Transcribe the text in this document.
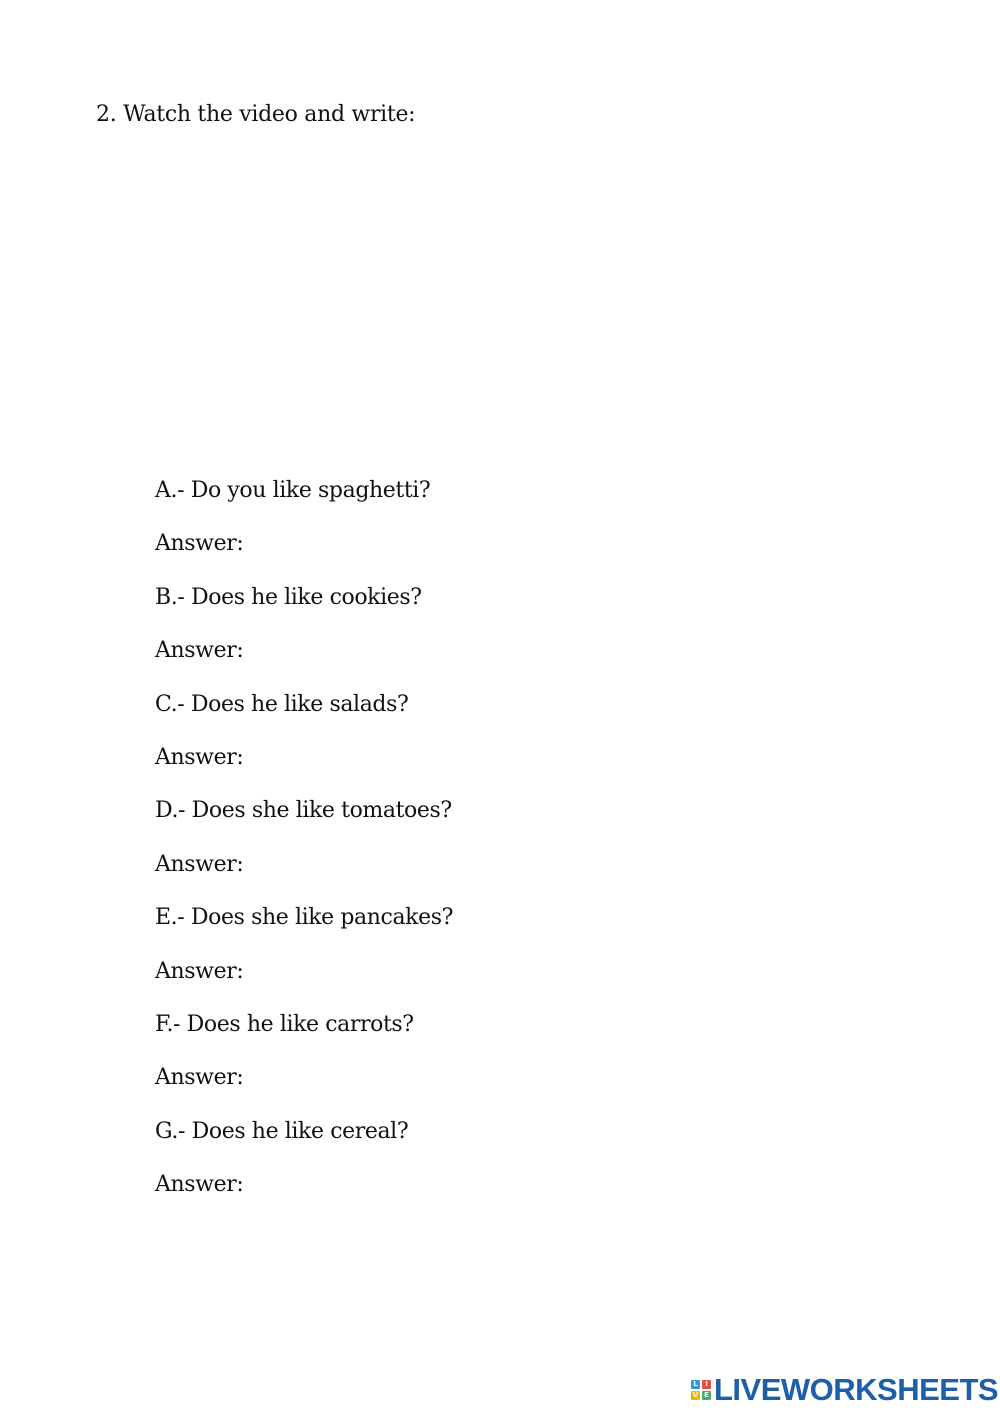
2. Watch the video and write:
A.- Do you like spaghetti?
Answer:
B.- Does he like cookies?
Answer:
C.- Does he like salads?
Answer:
D.- Does she like tomatoes?
Answer:
E.- Does she like pancakes?
Answer:
F.- Does he like carrots?
Answer:
G.- Does he like cereal?
Answer:
L	I
V E LIVEWORKSHEETS
